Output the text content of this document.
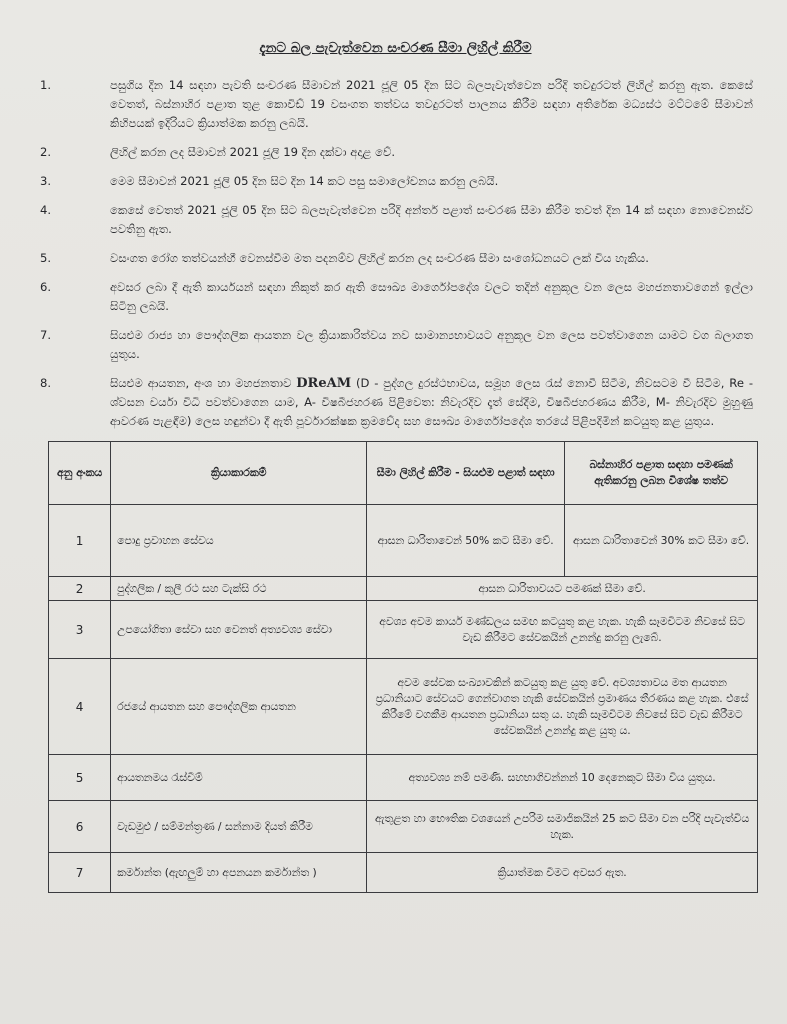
දැනට බල පැවැත්වෙන සංචරණ සීමා ලිහිල් කිරීම
1.	පසුගිය දින 14 සඳහා පැවති සංචරණ සීමාවන් 2021 ජූලි 05 දින සිට බලපැවැත්වෙන පරිදි තවදුරටත් ලිහිල් කරනු ඇත. කෙසේ වෙතත්, බස්නාහිර පළාත තුළ කොවිඩ් 19 වසංගත තත්වය තවදුරටත් පාලනය කිරීම සඳහා අතිරේක මධ්‍යස්ථ මට්ටමේ සීමාවන් කිහිපයක් ඉදිරියට ක්‍රියාත්මක කරනු ලබයි.
2.	ලිහිල් කරන ලද සීමාවන් 2021 ජූලි 19 දින දක්වා අදාළ වේ.
3.	මෙම සීමාවන් 2021 ජූලි 05 දින සිට දින 14 කට පසු සමාලෝචනය කරනු ලබයි.
4.	කෙසේ වෙතත් 2021 ජූලි 05 දින සිට බලපැවැත්වෙන පරිදි අන්තර් පළාත් සංචරණ සීමා කිරීම තවත් දින 14 ක් සඳහා නොවෙනස්ව පවතිනු ඇත.
5.	වසංගත රෝග තත්වයන්හී වෙනස්වීම මත පදනම්ව ලිහිල් කරන ලද සංචරණ සීමා සංශෝධනයට ලක් විය හැකිය.
6.	අවසර ලබා දී ඇති කාර්යයන් සඳහා නිකුත් කර ඇති සෞඛ්‍ය මාර්ගෝපදේශ වලට තදින් අනුකූල වන ලෙස මහජනතාවගෙන් ඉල්ලා සිටිනු ලබයි.
7.	සියළුම රාජ්‍ය හා පෞද්ගලික ආයතන වල ක්‍රියාකාරිත්වය නව සාමාන්‍යභාවයට අනුකූල වන ලෙස පවත්වාගෙන යාමට වග බලාගත යුතුය.
8.	සියළුම ආයතන, අංශ හා මහජනතාව DReAM (D - පුද්ගල දුරස්ථභාවය, සමූහ ලෙස රැස් නොවී සිටීම, නිවසටම වී සිටීම, Re - ශ්වසන චර්යා විධි පවත්වාගෙන යාම, A- විෂබීජහරණ පිළිවෙත: නිවැරදිව දෑත් සේදීම, විෂබීජහරණය කිරීම, M- නිවැරදිව මුහුණු ආවරණ පැළඳීම) ලෙස හඳුන්වා දී ඇති පූර්වාරක්ෂක ක්‍රමවේද සහ සෞඛ්‍ය මාර්ගෝපදේශ තරයේ පිළිපදිමින් කටයුතු කළ යුතුය.
අනු අංකය	ක්‍රියාකාරකම්	සීමා ලිහිල් කිරීම - සියළුම පළාත් සඳහා	බස්නාහිර පළාත සඳහා පමණක් ඇතිකරනු ලබන විශේෂ තත්ව
1	පොදු ප්‍රවාහන සේවය	ආසන ධාරිතාවෙන් 50% කට සීමා වේ.	ආසන ධාරිතාවෙන් 30% කට සීමා වේ.
2	පුද්ගලික / කුලී රථ සහ ටැක්සි රථ	ආසන ධාරිතාවයට පමණක් සීමා වේ.	
3	උපයෝගිතා සේවා සහ වෙනත් අත්‍යවශ්‍ය සේවා	අවශ්‍ය අවම කාර්ය මණ්ඩලය සමඟ කටයුතු කළ හැක. හැකි සෑමවිටම නිවසේ සිට වැඩ කිරීමට සේවකයින් උනන්දු කරනු ලැබේ.	
4	රජයේ ආයතන සහ පෞද්ගලික ආයතන	අවම සේවක සංඛ්‍යාවකින් කටයුතු කළ යුතු වේ. අවශ්‍යතාවය මත ආයතන ප්‍රධානියාට සේවයට ගෙන්වාගත හැකි සේවකයින් ප්‍රමාණය තීරණය කළ හැක. එසේ කිරීමේ වගකීම ආයතන ප්‍රධානියා සතු ය. හැකි සෑමවිටම නිවසේ සිට වැඩ කිරීමට සේවකයින් උනන්දු කළ යුතු ය.	
5	ආයතනමය රැස්වීම්	අත්‍යවශ්‍ය නම් පමණි. සහභාගිවන්නන් 10 දෙනෙකුට සීමා විය යුතුය.	
6	වැඩමුළු / සම්මන්ත්‍රණ / සන්නාම දියත් කිරීම	ඇතුළත හා භෞතික වශයෙන් උපරිම සමාජිකයින් 25 කට සීමා වන පරිදි පැවැත්විය හැක.	
7	කර්මාන්ත (ඇඟලුම් හා අපනයන කර්මාන්ත )	ක්‍රියාත්මක වීමට අවසර ඇත.	
